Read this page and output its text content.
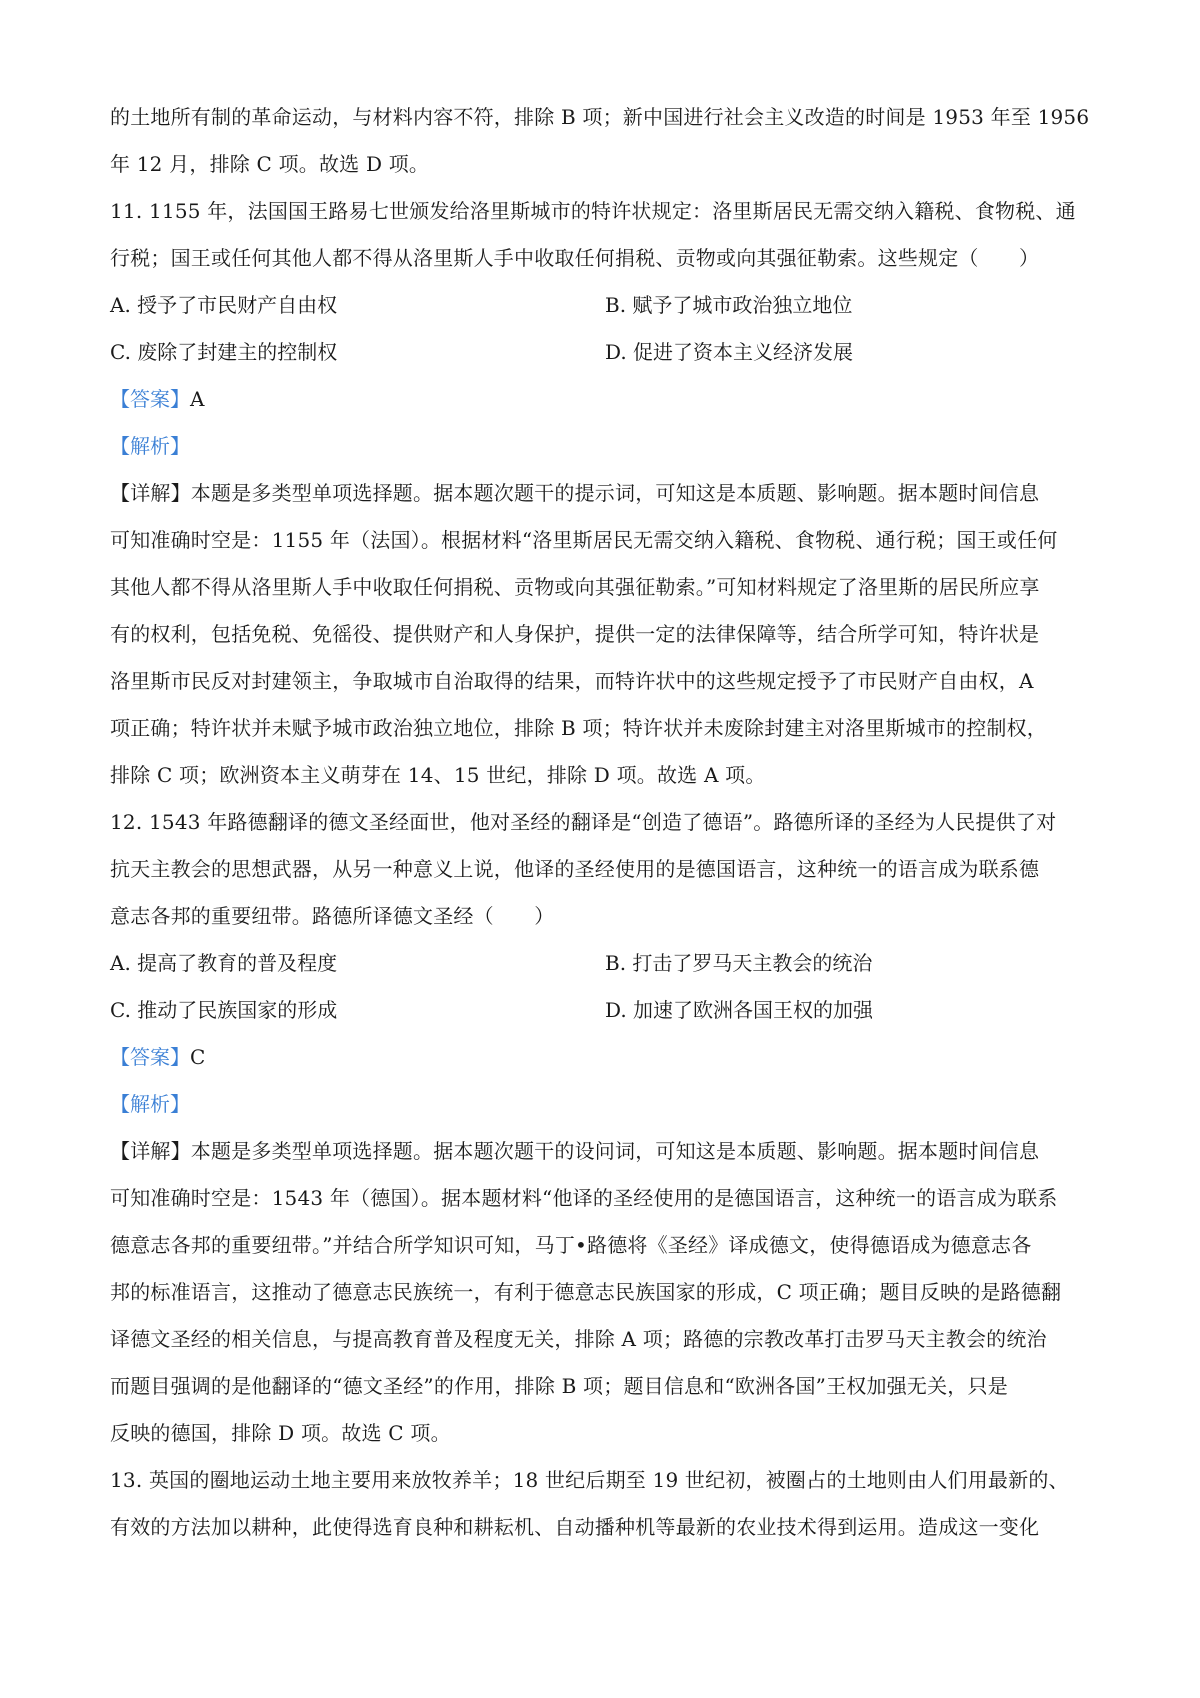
的土地所有制的革命运动，与材料内容不符，排除 B 项；新中国进行社会主义改造的时间是 1953 年至 1956

年 12 月，排除 C 项。故选 D 项。

11. 1155 年，法国国王路易七世颁发给洛里斯城市的特许状规定：洛里斯居民无需交纳入籍税、食物税、通

行税；国王或任何其他人都不得从洛里斯人手中收取任何捐税、贡物或向其强征勒索。这些规定（　　）

A. 授予了市民财产自由权	B. 赋予了城市政治独立地位
C. 废除了封建主的控制权	D. 促进了资本主义经济发展
【答案】A
【解析】

【详解】本题是多类型单项选择题。据本题次题干的提示词，可知这是本质题、影响题。据本题时间信息

可知准确时空是：1155 年（法国）。根据材料“洛里斯居民无需交纳入籍税、食物税、通行税；国王或任何

其他人都不得从洛里斯人手中收取任何捐税、贡物或向其强征勒索。”可知材料规定了洛里斯的居民所应享

有的权利，包括免税、免徭役、提供财产和人身保护，提供一定的法律保障等，结合所学可知，特许状是

洛里斯市民反对封建领主，争取城市自治取得的结果，而特许状中的这些规定授予了市民财产自由权，A

项正确；特许状并未赋予城市政治独立地位，排除 B 项；特许状并未废除封建主对洛里斯城市的控制权，

排除 C 项；欧洲资本主义萌芽在 14、15 世纪，排除 D 项。故选 A 项。

12. 1543 年路德翻译的德文圣经面世，他对圣经的翻译是“创造了德语”。路德所译的圣经为人民提供了对

抗天主教会的思想武器，从另一种意义上说，他译的圣经使用的是德国语言，这种统一的语言成为联系德

意志各邦的重要纽带。路德所译德文圣经（　　）

A. 提高了教育的普及程度	B. 打击了罗马天主教会的统治
C. 推动了民族国家的形成	D. 加速了欧洲各国王权的加强
【答案】C
【解析】

【详解】本题是多类型单项选择题。据本题次题干的设问词，可知这是本质题、影响题。据本题时间信息

可知准确时空是：1543 年（德国）。据本题材料“他译的圣经使用的是德国语言，这种统一的语言成为联系

德意志各邦的重要纽带。”并结合所学知识可知，马丁•路德将《圣经》译成德文，使得德语成为德意志各

邦的标准语言，这推动了德意志民族统一，有利于德意志民族国家的形成，C 项正确；题目反映的是路德翻

译德文圣经的相关信息，与提高教育普及程度无关，排除 A 项；路德的宗教改革打击罗马天主教会的统治

而题目强调的是他翻译的“德文圣经”的作用，排除 B 项；题目信息和“欧洲各国”王权加强无关，只是

反映的德国，排除 D 项。故选 C 项。

13. 英国的圈地运动土地主要用来放牧养羊；18 世纪后期至 19 世纪初，被圈占的土地则由人们用最新的、

有效的方法加以耕种，此使得选育良种和耕耘机、自动播种机等最新的农业技术得到运用。造成这一变化
